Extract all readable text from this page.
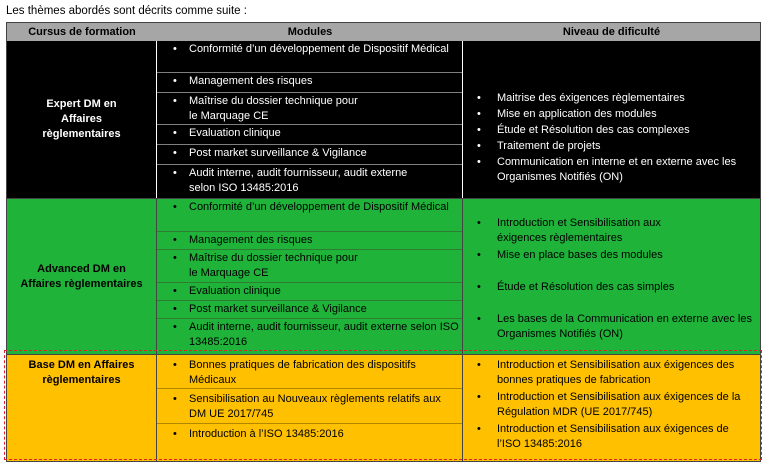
Les thèmes abordés sont décrits comme suite :
Cursus de formation	Modules	Niveau de dificulté
Expert DM en Affaires règlementaires
• Conformité d’un développement de Dispositif Médical
• Management des risques
• Maîtrise du dossier technique pour le Marquage CE
• Evaluation clinique
• Post market surveillance & Vigilance
• Audit interne, audit fournisseur, audit externe selon ISO 13485:2016
• Maitrise des éxigences règlementaires
• Mise en application des modules
• Étude et Résolution des cas complexes
• Traitement de projets
• Communication en interne et en externe avec les Organismes Notifiés (ON)
Advanced DM en Affaires règlementaires
• Conformité d’un développement de Dispositif Médical
• Management des risques
• Maîtrise du dossier technique pour le Marquage CE
• Evaluation clinique
• Post market surveillance & Vigilance
• Audit interne, audit fournisseur, audit externe selon ISO 13485:2016
• Introduction et Sensibilisation aux éxigences règlementaires
• Mise en place bases des modules
• Étude et Résolution des cas simples
• Les bases de la Communication en externe avec les Organismes Notifiés (ON)
Base DM en Affaires règlementaires
• Bonnes pratiques de fabrication des dispositifs Médicaux
• Sensibilisation au Nouveaux règlements relatifs aux DM UE 2017/745
• Introduction à l’ISO 13485:2016
• Introduction et Sensibilisation aux éxigences des bonnes pratiques de fabrication
• Introduction et Sensibilisation aux éxigences de la Régulation MDR (UE 2017/745)
• Introduction et Sensibilisation aux éxigences de l’ISO 13485:2016
